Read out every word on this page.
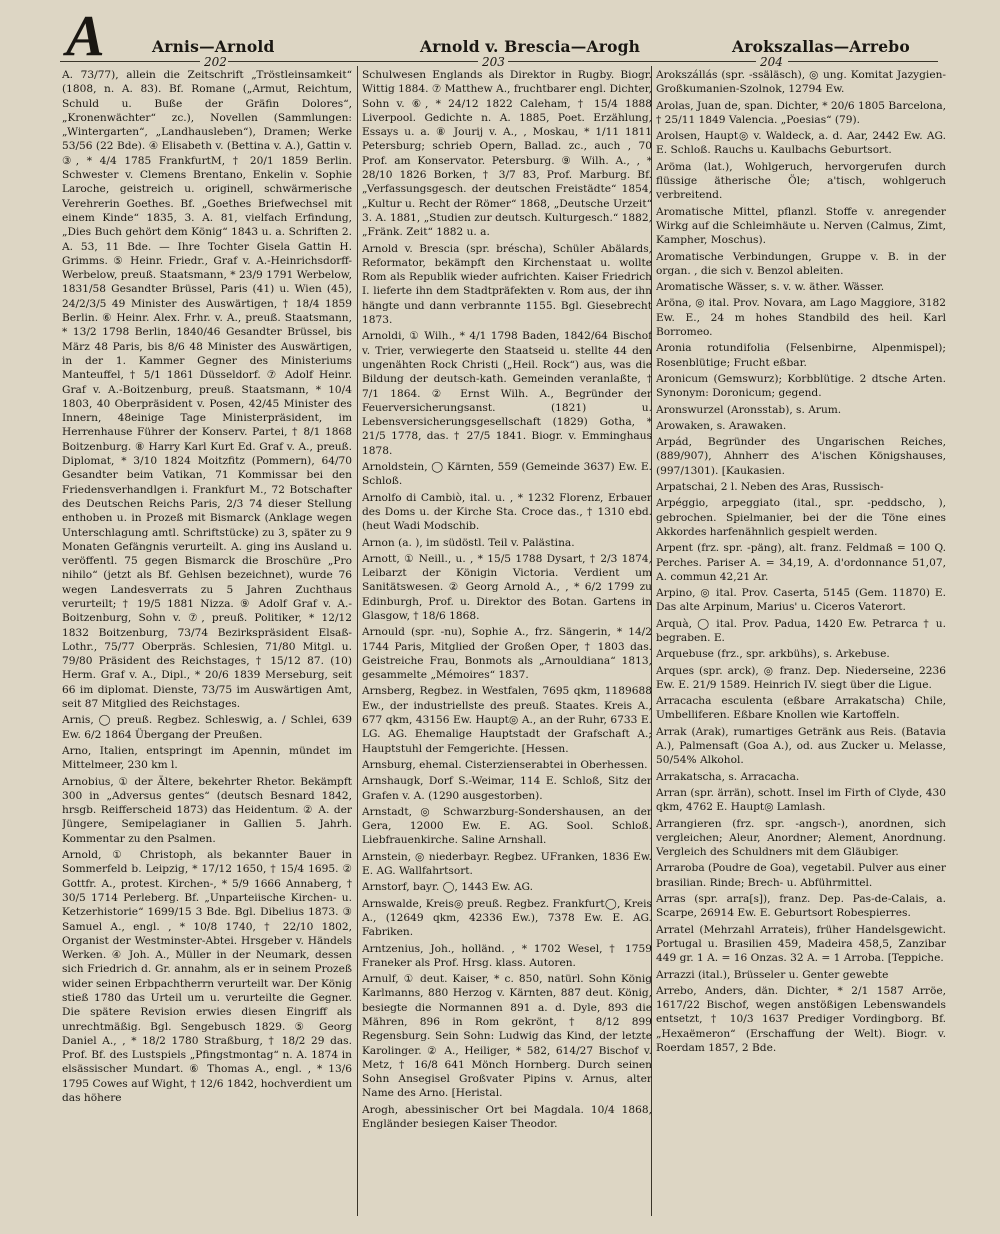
A	Arnis—Arnold	Arnold v. Brescia—Arogh	Arokszallas—Arrebo
202	203	204

A. 73/77), allein die Zeitschrift „Tröstleinsamkeit“ (1808, n. A. 83). Bf. Romane („Armut, Reichtum, Schuld u. Buße der Gräfin Dolores“, „Kronenwächter“ zc.), Novellen (Sammlungen: „Wintergarten“, „Landhausleben“), Dramen; Werke 53/56 (22 Bde). ④ Elisabeth v. (Bettina v. A.), Gattin v. ③, * 4/4 1785 FrankfurtM, † 20/1 1859 Berlin. Schwester v. Clemens Brentano, Enkelin v. Sophie Laroche, geistreich u. originell, schwärmerische Verehrerin Goethes. Bf. „Goethes Briefwechsel mit einem Kinde“ 1835, 3. A. 81, vielfach Erfindung, „Dies Buch gehört dem König“ 1843 u. a. Schriften 2. A. 53, 11 Bde. — Ihre Tochter Gisela Gattin H. Grimms. ⑤ Heinr. Friedr., Graf v. A.-Heinrichsdorff-Werbelow, preuß. Staatsmann, * 23/9 1791 Werbelow, 1831/58 Gesandter Brüssel, Paris (41) u. Wien (45), 24/2/3/5 49 Minister des Auswärtigen, † 18/4 1859 Berlin. ⑥ Heinr. Alex. Frhr. v. A., preuß. Staatsmann, * 13/2 1798 Berlin, 1840/46 Gesandter Brüssel, bis März 48 Paris, bis 8/6 48 Minister des Auswärtigen, in der 1. Kammer Gegner des Ministeriums Manteuffel, † 5/1 1861 Düsseldorf. ⑦ Adolf Heinr. Graf v. A.-Boitzenburg, preuß. Staatsmann, * 10/4 1803, 40 Oberpräsident v. Posen, 42/45 Minister des Innern, 48einige Tage Ministerpräsident, im Herrenhause Führer der Konserv. Partei, † 8/1 1868 Boitzenburg. ⑧ Harry Karl Kurt Ed. Graf v. A., preuß. Diplomat, * 3/10 1824 Moitzfitz (Pommern), 64/70 Gesandter beim Vatikan, 71 Kommissar bei den Friedensverhandlgen i. Frankfurt M., 72 Botschafter des Deutschen Reichs Paris, 2/3 74 dieser Stellung enthoben u. in Prozeß mit Bismarck (Anklage wegen Unterschlagung amtl. Schriftstücke) zu 3, später zu 9 Monaten Gefängnis verurteilt. A. ging ins Ausland u. veröffentl. 75 gegen Bismarck die Broschüre „Pro nihilo“ (jetzt als Bf. Gehlsen bezeichnet), wurde 76 wegen Landesverrats zu 5 Jahren Zuchthaus verurteilt; † 19/5 1881 Nizza. ⑨ Adolf Graf v. A.-Boitzenburg, Sohn v. ⑦, preuß. Politiker, * 12/12 1832 Boitzenburg, 73/74 Bezirkspräsident Elsaß-Lothr., 75/77 Oberpräs. Schlesien, 71/80 Mitgl. u. 79/80 Präsident des Reichstages, † 15/12 87. (10) Herm. Graf v. A., Dipl., * 20/6 1839 Merseburg, seit 66 im diplomat. Dienste, 73/75 im Auswärtigen Amt, seit 87 Mitglied des Reichstages.

Arnis, ◯ preuß. Regbez. Schleswig, a. / Schlei, 639 Ew. 6/2 1864 Übergang der Preußen.

Arno, Italien, entspringt im Apennin, mündet im Mittelmeer, 230 km l.

Arnobius, ① der Ältere, bekehrter Rhetor. Bekämpft 300 in „Adversus gentes“ (deutsch Besnard 1842, hrsgb. Reifferscheid 1873) das Heidentum. ② A. der Jüngere, Semipelagianer in Gallien 5. Jahrh. Kommentar zu den Psalmen.

Arnold, ① Christoph, als bekannter Bauer in Sommerfeld b. Leipzig, * 17/12 1650, † 15/4 1695. ② Gottfr. A., protest. Kirchen-, * 5/9 1666 Annaberg, † 30/5 1714 Perleberg. Bf. „Unparteiische Kirchen- u. Ketzerhistorie“ 1699/15 3 Bde. Bgl. Dibelius 1873. ③ Samuel A., engl. , * 10/8 1740, † 22/10 1802, Organist der Westminster-Abtei. Hrsgeber v. Händels Werken. ④ Joh. A., Müller in der Neumark, dessen sich Friedrich d. Gr. annahm, als er in seinem Prozeß wider seinen Erbpachtherrn verurteilt war. Der König stieß 1780 das Urteil um u. verurteilte die Gegner. Die spätere Revision erwies diesen Eingriff als unrechtmäßig. Bgl. Sengebusch 1829. ⑤ Georg Daniel A., , * 18/2 1780 Straßburg, † 18/2 29 das. Prof. Bf. des Lustspiels „Pfingstmontag“ n. A. 1874 in elsässischer Mundart. ⑥ Thomas A., engl. , * 13/6 1795 Cowes auf Wight, † 12/6 1842, hochverdient um das höhere

Schulwesen Englands als Direktor in Rugby. Biogr. Wittig 1884. ⑦ Matthew A., fruchtbarer engl. Dichter, Sohn v. ⑥, * 24/12 1822 Caleham, † 15/4 1888 Liverpool. Gedichte n. A. 1885, Poet. Erzählung, Essays u. a. ⑧ Jourij v. A., , Moskau, * 1/11 1811 Petersburg; schrieb Opern, Ballad. zc., auch , 70 Prof. am Konservator. Petersburg. ⑨ Wilh. A., , * 28/10 1826 Borken, † 3/7 83, Prof. Marburg. Bf. „Verfassungsgesch. der deutschen Freistädte“ 1854, „Kultur u. Recht der Römer“ 1868, „Deutsche Urzeit“ 3. A. 1881, „Studien zur deutsch. Kulturgesch.“ 1882, „Fränk. Zeit“ 1882 u. a.

Arnold v. Brescia (spr. bréscha), Schüler Abälards, Reformator, bekämpft den Kirchenstaat u. wollte Rom als Republik wieder aufrichten. Kaiser Friedrich I. lieferte ihn dem Stadtpräfekten v. Rom aus, der ihn hängte und dann verbrannte 1155. Bgl. Giesebrecht 1873.

Arnoldi, ① Wilh., * 4/1 1798 Baden, 1842/64 Bischof v. Trier, verwiegerte den Staatseid u. stellte 44 den ungenähten Rock Christi („Heil. Rock“) aus, was die Bildung der deutsch-kath. Gemeinden veranlaßte, † 7/1 1864. ② Ernst Wilh. A., Begründer der Feuerversicherungsanst. (1821) u. Lebensversicherungsgesellschaft (1829) Gotha, * 21/5 1778, das. † 27/5 1841. Biogr. v. Emminghaus 1878.

Arnoldstein, ◯ Kärnten, 559 (Gemeinde 3637) Ew. E. Schloß.

Arnolfo di Cambiò, ital. u. , * 1232 Florenz, Erbauer des Doms u. der Kirche Sta. Croce das., † 1310 ebd. (heut Wadi Modschib.

Arnon (a. ), im südöstl. Teil v. Palästina.

Arnott, ① Neill., u. , * 15/5 1788 Dysart, † 2/3 1874, Leibarzt der Königin Victoria. Verdient um Sanitätswesen. ② Georg Arnold A., , * 6/2 1799 zu Edinburgh, Prof. u. Direktor des Botan. Gartens in Glasgow, † 18/6 1868.

Arnould (spr. -nu), Sophie A., frz. Sängerin, * 14/2 1744 Paris, Mitglied der Großen Oper, † 1803 das. Geistreiche Frau, Bonmots als „Arnouldiana“ 1813, gesammelte „Mémoires“ 1837.

Arnsberg, Regbez. in Westfalen, 7695 qkm, 1189688 Ew., der industriellste des preuß. Staates. Kreis A., 677 qkm, 43156 Ew. Haupt◎ A., an der Ruhr, 6733 E. LG. AG. Ehemalige Hauptstadt der Grafschaft A.; Hauptstuhl der Femgerichte. [Hessen.

Arnsburg, ehemal. Cisterzienserabtei in Oberhessen.

Arnshaugk, Dorf S.-Weimar, 114 E. Schloß, Sitz der Grafen v. A. (1290 ausgestorben).

Arnstadt, ◎ Schwarzburg-Sondershausen, an der Gera, 12000 Ew. E. AG. Sool. Schloß. Liebfrauenkirche. Saline Arnshall.

Arnstein, ◎ niederbayr. Regbez. UFranken, 1836 Ew. E. AG. Wallfahrtsort.

Arnstorf, bayr. ◯, 1443 Ew. AG.

Arnswalde, Kreis◎ preuß. Regbez. Frankfurt◯, Kreis A., (12649 qkm, 42336 Ew.), 7378 Ew. E. AG. Fabriken.

Arntzenius, Joh., holländ. , * 1702 Wesel, † 1759 Franeker als Prof. Hrsg. klass. Autoren.

Arnulf, ① deut. Kaiser, * c. 850, natürl. Sohn König Karlmanns, 880 Herzog v. Kärnten, 887 deut. König, besiegte die Normannen 891 a. d. Dyle, 893 die Mähren, 896 in Rom gekrönt, † 8/12 899 Regensburg. Sein Sohn: Ludwig das Kind, der letzte Karolinger. ② A., Heiliger, * 582, 614/27 Bischof v. Metz, † 16/8 641 Mönch Hornberg. Durch seinen Sohn Ansegisel Großvater Pipins v. Arnus, alter Name des Arno. [Heristal.

Arogh, abessinischer Ort bei Magdala. 10/4 1868, Engländer besiegen Kaiser Theodor.

Arokszállás (spr. -ssäläsch), ◎ ung. Komitat Jazygien-Großkumanien-Szolnok, 12794 Ew.

Arolas, Juan de, span. Dichter, * 20/6 1805 Barcelona, † 25/11 1849 Valencia. „Poesias“ (79).

Arolsen, Haupt◎ v. Waldeck, a. d. Aar, 2442 Ew. AG. E. Schloß. Rauchs u. Kaulbachs Geburtsort.

Aröma (lat.), Wohlgeruch, hervorgerufen durch flüssige ätherische Öle; a'tisch, wohlgeruch verbreitend.

Aromatische Mittel, pflanzl. Stoffe v. anregender Wirkg auf die Schleimhäute u. Nerven (Calmus, Zimt, Kampher, Moschus).

Aromatische Verbindungen, Gruppe v. B. in der organ. , die sich v. Benzol ableiten.

Aromatische Wässer, s. v. w. äther. Wässer.

Aröna, ◎ ital. Prov. Novara, am Lago Maggiore, 3182 Ew. E., 24 m hohes Standbild des heil. Karl Borromeo.

Aronia rotundifolia (Felsenbirne, Alpenmispel); Rosenblütige; Frucht eßbar.

Aronicum (Gemswurz); Korbblütige. 2 dtsche Arten. Synonym: Doronicum; gegend.

Aronswurzel (Aronsstab), s. Arum.

Arowaken, s. Arawaken.

Arpád, Begründer des Ungarischen Reiches, (889/907), Ahnherr des A'ischen Königshauses, (997/1301). [Kaukasien.

Arpatschai, 2 l. Neben des Aras, Russisch-

Arpéggio, arpeggiato (ital., spr. -peddscho, ), gebrochen. Spielmanier, bei der die Töne eines Akkordes harfenähnlich gespielt werden.

Arpent (frz. spr. -päng), alt. franz. Feldmaß = 100 Q. Perches. Pariser A. = 34,19, A. d'ordonnance 51,07, A. commun 42,21 Ar.

Arpino, ◎ ital. Prov. Caserta, 5145 (Gem. 11870) E. Das alte Arpinum, Marius' u. Ciceros Vaterort.

Arquà, ◯ ital. Prov. Padua, 1420 Ew. Petrarca † u. begraben. E.

Arquebuse (frz., spr. arkbühs), s. Arkebuse.

Arques (spr. arck), ◎ franz. Dep. Niederseine, 2236 Ew. E. 21/9 1589. Heinrich IV. siegt über die Ligue.

Arracacha esculenta (eßbare Arrakatscha) Chile, Umbelliferen. Eßbare Knollen wie Kartoffeln.

Arrak (Arak), rumartiges Getränk aus Reis. (Batavia A.), Palmensaft (Goa A.), od. aus Zucker u. Melasse, 50/54% Alkohol.

Arrakatscha, s. Arracacha.

Arran (spr. ärrän), schott. Insel im Firth of Clyde, 430 qkm, 4762 E. Haupt◎ Lamlash.

Arrangieren (frz. spr. -angsch-), anordnen, sich vergleichen; Aleur, Anordner; Alement, Anordnung. Vergleich des Schuldners mit dem Gläubiger.

Arraroba (Poudre de Goa), vegetabil. Pulver aus einer brasilian. Rinde; Brech- u. Abführmittel.

Arras (spr. arra[s]), franz. Dep. Pas-de-Calais, a. Scarpe, 26914 Ew. E. Geburtsort Robespierres.

Arratel (Mehrzahl Arrateis), früher Handelsgewicht. Portugal u. Brasilien 459, Madeira 458,5, Zanzibar 449 gr. 1 A. = 16 Onzas. 32 A. = 1 Arroba. [Teppiche.

Arrazzi (ital.), Brüsseler u. Genter gewebte

Arrebo, Anders, dän. Dichter, * 2/1 1587 Arröe, 1617/22 Bischof, wegen anstößigen Lebenswandels entsetzt, † 10/3 1637 Prediger Vordingborg. Bf. „Hexaëmeron“ (Erschaffung der Welt). Biogr. v. Roerdam 1857, 2 Bde.
